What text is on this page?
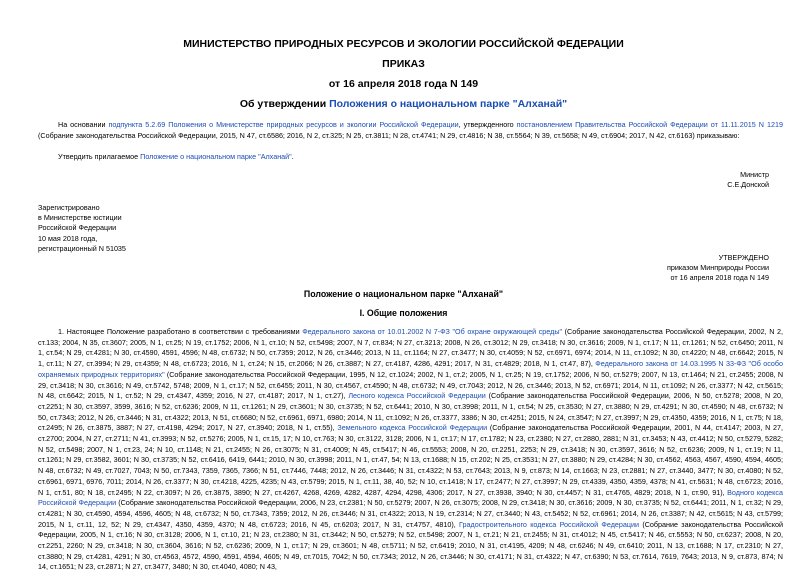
МИНИСТЕРСТВО ПРИРОДНЫХ РЕСУРСОВ И ЭКОЛОГИИ РОССИЙСКОЙ ФЕДЕРАЦИИ
ПРИКАЗ
от 16 апреля 2018 года N 149
Об утверждении Положения о национальном парке "Алханай"
На основании подпункта 5.2.69 Положения о Министерстве природных ресурсов и экологии Российской Федерации, утвержденного постановлением Правительства Российской Федерации от 11.11.2015 N 1219 (Собрание законодательства Российской Федерации, 2015, N 47, ст.6586; 2016, N 2, ст.325; N 25, ст.3811; N 28, ст.4741; N 29, ст.4816; N 38, ст.5564; N 39, ст.5658; N 49, ст.6904; 2017, N 42, ст.6163) приказываю:
Утвердить прилагаемое Положение о национальном парке "Алханай".
Министр
С.Е.Донской
Зарегистрировано
в Министерстве юстиции
Российской Федерации
10 мая 2018 года,
регистрационный N 51035
УТВЕРЖДЕНО
приказом Минприроды России
от 16 апреля 2018 года N 149
Положение о национальном парке "Алханай"
I. Общие положения
1. Настоящее Положение разработано в соответствии с требованиями Федерального закона от 10.01.2002 N 7-ФЗ "Об охране окружающей среды" (Собрание законодательства Российской Федерации, 2002, N 2, ст.133; 2004, N 35, ст.3607; 2005, N 1, ст.25; N 19, ст.1752; 2006, N 1, ст.10; N 52, ст.5498; 2007, N 7, ст.834; N 27, ст.3213; 2008, N 26, ст.3012; N 29, ст.3418; N 30, ст.3616; 2009, N 1, ст.17; N 11, ст.1261; N 52, ст.6450; 2011, N 1, ст.54; N 29, ст.4281; N 30, ст.4590, 4591, 4596; N 48, ст.6732; N 50, ст.7359; 2012, N 26, ст.3446; 2013, N 11, ст.1164; N 27, ст.3477; N 30, ст.4059; N 52, ст.6971, 6974; 2014, N 11, ст.1092; N 30, ст.4220; N 48, ст.6642; 2015, N 1, ст.11; N 27, ст.3994; N 29, ст.4359; N 48, ст.6723; 2016, N 1, ст.24; N 15, ст.2066; N 26, ст.3887; N 27, ст.4187, 4286, 4291; 2017, N 31, ст.4829; 2018, N 1, ст.47, 87), Федерального закона от 14.03.1995 N 33-ФЗ "Об особо охраняемых природных территориях" (Собрание законодательства Российской Федерации, 1995, N 12, ст.1024; 2002, N 1, ст.2; 2005, N 1, ст.25; N 19, ст.1752; 2006, N 50, ст.5279; 2007, N 13, ст.1464; N 21, ст.2455; 2008, N 29, ст.3418; N 30, ст.3616; N 49, ст.5742, 5748; 2009, N 1, ст.17; N 52, ст.6455; 2011, N 30, ст.4567, ст.4590; N 48, ст.6732; N 49, ст.7043; 2012, N 26, ст.3446; 2013, N 52, ст.6971; 2014, N 11, ст.1092; N 26, ст.3377; N 42, ст.5615; N 48, ст.6642; 2015, N 1, ст.52; N 29, ст.4347, 4359; 2016, N 27, ст.4187; 2017, N 1, ст.27), Лесного кодекса Российской Федерации (Собрание законодательства Российской Федерации, 2006, N 50, ст.5278; 2008, N 20, ст.2251; N 30, ст.3597, 3599, 3616; N 52, ст.6236; 2009, N 11, ст.1261; N 29, ст.3601; N 30, ст.3735; N 52, ст.6441; 2010, N 30, ст.3998; 2011, N 1, ст.54; N 25, ст.3530; N 27, ст.3880; N 29, ст.4291; N 30, ст.4590; N 48, ст.6732; N 50, ст.7343; 2012, N 26, ст.3446; N 31, ст.4322; 2013, N 51, ст.6680; N 52, ст.6961, 6971, 6980; 2014, N 11, ст.1092; N 26, ст.3377, 3386; N 30, ст.4251; 2015, N 24, ст.3547; N 27, ст.3997; N 29, ст.4350, 4359; 2016, N 1, ст.75; N 18, ст.2495; N 26, ст.3875, 3887; N 27, ст.4198, 4294; 2017, N 27, ст.3940; 2018, N 1, ст.55), Земельного кодекса Российской Федерации (Собрание законодательства Российской Федерации, 2001, N 44, ст.4147; 2003, N 27, ст.2700; 2004, N 27, ст.2711; N 41, ст.3993; N 52, ст.5276; 2005, N 1, ст.15, 17; N 10, ст.763; N 30, ст.3122, 3128; 2006, N 1, ст.17; N 17, ст.1782; N 23, ст.2380; N 27, ст.2880, 2881; N 31, ст.3453; N 43, ст.4412; N 50, ст.5279, 5282; N 52, ст.5498; 2007, N 1, ст.23, 24; N 10, ст.1148; N 21, ст.2455; N 26, ст.3075; N 31, ст.4009; N 45, ст.5417; N 46, ст.5553; 2008, N 20, ст.2251, 2253; N 29, ст.3418; N 30, ст.3597, 3616; N 52, ст.6236; 2009, N 1, ст.19; N 11, ст.1261; N 29, ст.3582, 3601; N 30, ст.3735; N 52, ст.6416, 6419, 6441; 2010, N 30, ст.3998; 2011, N 1, ст.47, 54; N 13, ст.1688; N 15, ст.202; N 25, ст.3531; N 27, ст.3880; N 29, ст.4284; N 30, ст.4562, 4563, 4567, 4590, 4594, 4605; N 48, ст.6732; N 49, ст.7027, 7043; N 50, ст.7343, 7359, 7365, 7366; N 51, ст.7446, 7448; 2012, N 26, ст.3446; N 31, ст.4322; N 53, ст.7643; 2013, N 9, ст.873; N 14, ст.1663; N 23, ст.2881; N 27, ст.3440, 3477; N 30, ст.4080; N 52, ст.6961, 6971, 6976, 7011; 2014, N 26, ст.3377; N 30, ст.4218, 4225, 4235; N 43, ст.5799; 2015, N 1, ст.11, 38, 40, 52; N 10, ст.1418; N 17, ст.2477; N 27, ст.3997; N 29, ст.4339, 4350, 4359, 4378; N 41, ст.5631; N 48, ст.6723; 2016, N 1, ст.51, 80; N 18, ст.2495; N 22, ст.3097; N 26, ст.3875, 3890; N 27, ст.4267, 4268, 4269, 4282, 4287, 4294, 4298, 4306; 2017, N 27, ст.3938, 3940; N 30, ст.4457; N 31, ст.4765, 4829; 2018, N 1, ст.90, 91), Водного кодекса Российской Федерации (Собрание законодательства Российской Федерации, 2006, N 23, ст.2381; N 50, ст.5279; 2007, N 26, ст.3075; 2008, N 29, ст.3418; N 30, ст.3616; 2009, N 30, ст.3735; N 52, ст.6441; 2011, N 1, ст.32; N 29, ст.4281; N 30, ст.4590, 4594, 4596, 4605; N 48, ст.6732; N 50, ст.7343, 7359; 2012, N 26, ст.3446; N 31, ст.4322; 2013, N 19, ст.2314; N 27, ст.3440; N 43, ст.5452; N 52, ст.6961; 2014, N 26, ст.3387; N 42, ст.5615; N 43, ст.5799; 2015, N 1, ст.11, 12, 52; N 29, ст.4347, 4350, 4359, 4370; N 48, ст.6723; 2016, N 45, ст.6203; 2017, N 31, ст.4757, 4810), Градостроительного кодекса Российской Федерации (Собрание законодательства Российской Федерации, 2005, N 1, ст.16; N 30, ст.3128; 2006, N 1, ст.10, 21; N 23, ст.2380; N 31, ст.3442; N 50, ст.5279; N 52, ст.5498; 2007, N 1, ст.21; N 21, ст.2455; N 31, ст.4012; N 45, ст.5417; N 46, ст.5553; N 50, ст.6237; 2008, N 20, ст.2251, 2260; N 29, ст.3418; N 30, ст.3604, 3616; N 52, ст.6236; 2009, N 1, ст.17; N 29, ст.3601; N 48, ст.5711; N 52, ст.6419; 2010, N 31, ст.4195, 4209; N 48, ст.6246; N 49, ст.6410; 2011, N 13, ст.1688; N 17, ст.2310; N 27, ст.3880; N 29, ст.4281, 4291; N 30, ст.4563, 4572, 4590, 4591, 4594, 4605; N 49, ст.7015, 7042; N 50, ст.7343; 2012, N 26, ст.3446; N 30, ст.4171; N 31, ст.4322; N 47, ст.6390; N 53, ст.7614, 7619, 7643; 2013, N 9, ст.873, 874; N 14, ст.1651; N 23, ст.2871; N 27, ст.3477, 3480; N 30, ст.4040, 4080; N 43,
